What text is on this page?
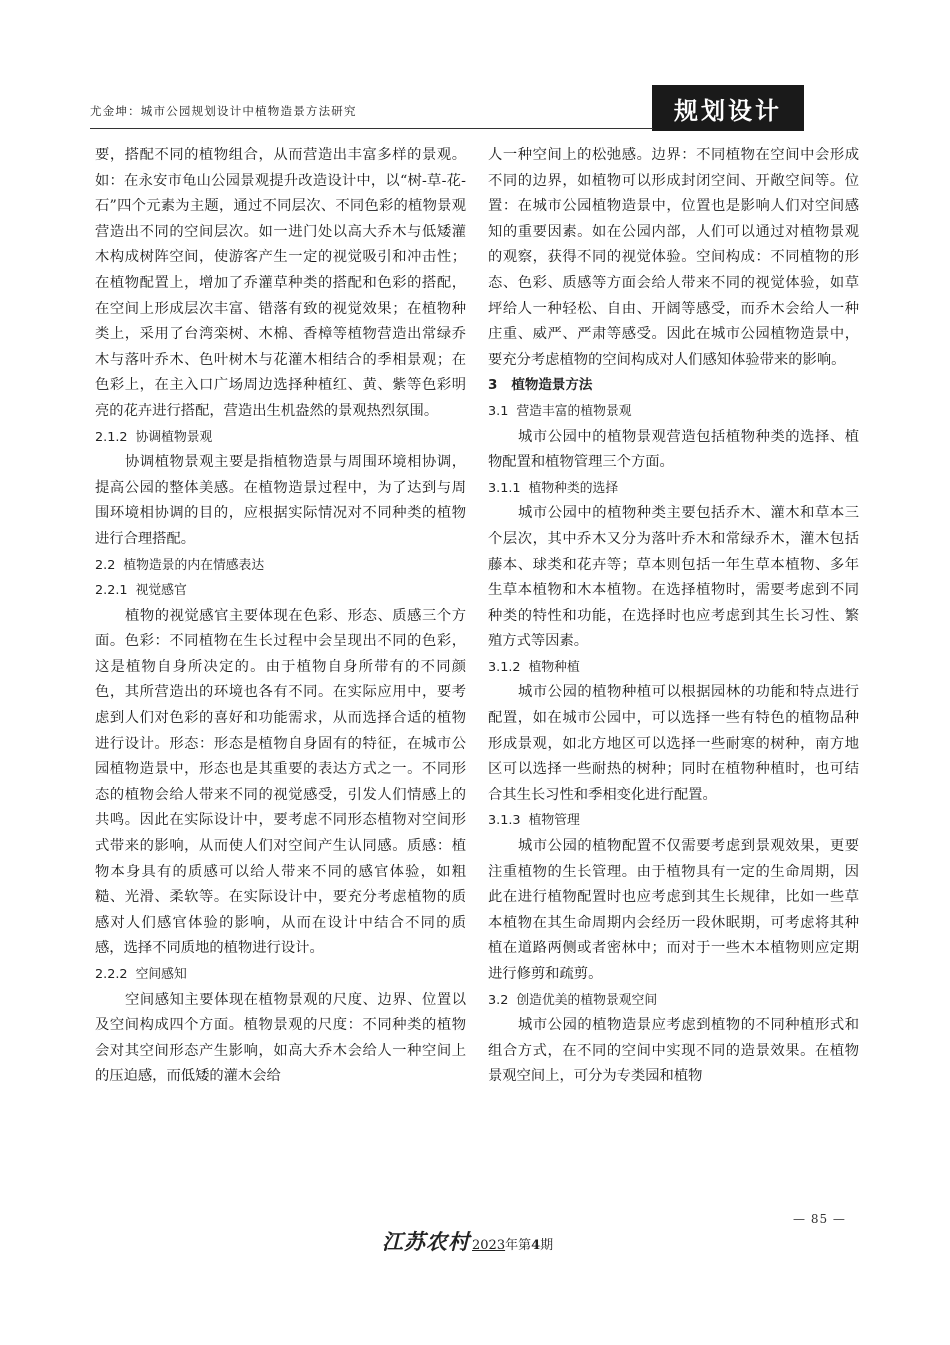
尤金坤：城市公园规划设计中植物造景方法研究	规划设计
要，搭配不同的植物组合，从而营造出丰富多样的景观。如：在永安市龟山公园景观提升改造设计中，以“树-草-花-石”四个元素为主题，通过不同层次、不同色彩的植物景观营造出不同的空间层次。如一进门处以高大乔木与低矮灌木构成树阵空间，使游客产生一定的视觉吸引和冲击性；在植物配置上，增加了乔灌草种类的搭配和色彩的搭配，在空间上形成层次丰富、错落有致的视觉效果；在植物种类上，采用了台湾栾树、木棉、香樟等植物营造出常绿乔木与落叶乔木、色叶树木与花灌木相结合的季相景观；在色彩上，在主入口广场周边选择种植红、黄、紫等色彩明亮的花卉进行搭配，营造出生机盎然的景观热烈氛围。
2.1.2 协调植物景观
协调植物景观主要是指植物造景与周围环境相协调，提高公园的整体美感。在植物造景过程中，为了达到与周围环境相协调的目的，应根据实际情况对不同种类的植物进行合理搭配。
2.2 植物造景的内在情感表达
2.2.1 视觉感官
植物的视觉感官主要体现在色彩、形态、质感三个方面。色彩：不同植物在生长过程中会呈现出不同的色彩，这是植物自身所决定的。由于植物自身所带有的不同颜色，其所营造出的环境也各有不同。在实际应用中，要考虑到人们对色彩的喜好和功能需求，从而选择合适的植物进行设计。形态：形态是植物自身固有的特征，在城市公园植物造景中，形态也是其重要的表达方式之一。不同形态的植物会给人带来不同的视觉感受，引发人们情感上的共鸣。因此在实际设计中，要考虑不同形态植物对空间形式带来的影响，从而使人们对空间产生认同感。质感：植物本身具有的质感可以给人带来不同的感官体验，如粗糙、光滑、柔软等。在实际设计中，要充分考虑植物的质感对人们感官体验的影响，从而在设计中结合不同的质感，选择不同质地的植物进行设计。
2.2.2 空间感知
空间感知主要体现在植物景观的尺度、边界、位置以及空间构成四个方面。植物景观的尺度：不同种类的植物会对其空间形态产生影响，如高大乔木会给人一种空间上的压迫感，而低矮的灌木会给
人一种空间上的松弛感。边界：不同植物在空间中会形成不同的边界，如植物可以形成封闭空间、开敞空间等。位置：在城市公园植物造景中，位置也是影响人们对空间感知的重要因素。如在公园内部，人们可以通过对植物景观的观察，获得不同的视觉体验。空间构成：不同植物的形态、色彩、质感等方面会给人带来不同的视觉体验，如草坪给人一种轻松、自由、开阔等感受，而乔木会给人一种庄重、威严、严肃等感受。因此在城市公园植物造景中，要充分考虑植物的空间构成对人们感知体验带来的影响。
3 植物造景方法
3.1 营造丰富的植物景观
城市公园中的植物景观营造包括植物种类的选择、植物配置和植物管理三个方面。
3.1.1 植物种类的选择
城市公园中的植物种类主要包括乔木、灌木和草本三个层次，其中乔木又分为落叶乔木和常绿乔木，灌木包括藤本、球类和花卉等；草本则包括一年生草本植物、多年生草本植物和木本植物。在选择植物时，需要考虑到不同种类的特性和功能，在选择时也应考虑到其生长习性、繁殖方式等因素。
3.1.2 植物种植
城市公园的植物种植可以根据园林的功能和特点进行配置，如在城市公园中，可以选择一些有特色的植物品种形成景观，如北方地区可以选择一些耐寒的树种，南方地区可以选择一些耐热的树种；同时在植物种植时，也可结合其生长习性和季相变化进行配置。
3.1.3 植物管理
城市公园的植物配置不仅需要考虑到景观效果，更要注重植物的生长管理。由于植物具有一定的生命周期，因此在进行植物配置时也应考虑到其生长规律，比如一些草本植物在其生命周期内会经历一段休眠期，可考虑将其种植在道路两侧或者密林中；而对于一些木本植物则应定期进行修剪和疏剪。
3.2 创造优美的植物景观空间
城市公园的植物造景应考虑到植物的不同种植形式和组合方式，在不同的空间中实现不同的造景效果。在植物景观空间上，可分为专类园和植物
— 85 —
江苏农村 2023 年第 4 期
